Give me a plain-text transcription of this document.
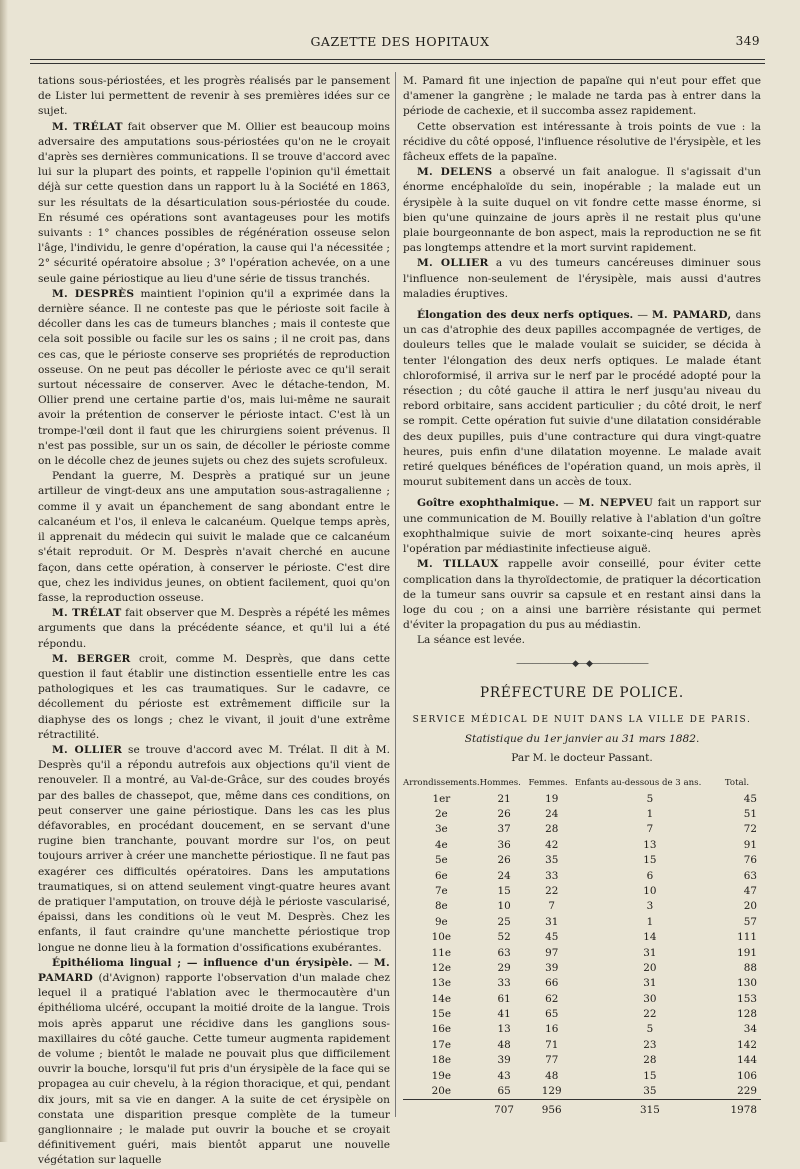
GAZETTE DES HOPITAUX	349

tations sous-périostées, et les progrès réalisés par le pansement de Lister lui permettent de revenir à ses premières idées sur ce sujet.

M. TRÉLAT fait observer que M. Ollier est beaucoup moins adversaire des amputations sous-périostées qu'on ne le croyait d'après ses dernières communications. Il se trouve d'accord avec lui sur la plupart des points, et rappelle l'opinion qu'il émettait déjà sur cette question dans un rapport lu à la Société en 1863, sur les résultats de la désarticulation sous-périostée du coude. En résumé ces opérations sont avantageuses pour les motifs suivants : 1° chances possibles de régénération osseuse selon l'âge, l'individu, le genre d'opération, la cause qui l'a nécessitée ; 2° sécurité opératoire absolue ; 3° l'opération achevée, on a une seule gaine périostique au lieu d'une série de tissus tranchés.

M. DESPRÈS maintient l'opinion qu'il a exprimée dans la dernière séance. Il ne conteste pas que le périoste soit facile à décoller dans les cas de tumeurs blanches ; mais il conteste que cela soit possible ou facile sur les os sains ; il ne croit pas, dans ces cas, que le périoste conserve ses propriétés de reproduction osseuse. On ne peut pas décoller le périoste avec ce qu'il serait surtout nécessaire de conserver. Avec le détache-tendon, M. Ollier prend une certaine partie d'os, mais lui-même ne saurait avoir la prétention de conserver le périoste intact. C'est là un trompe-l'œil dont il faut que les chirurgiens soient prévenus. Il n'est pas possible, sur un os sain, de décoller le périoste comme on le décolle chez de jeunes sujets ou chez des sujets scrofuleux.

Pendant la guerre, M. Desprès a pratiqué sur un jeune artilleur de vingt-deux ans une amputation sous-astragalienne ; comme il y avait un épanchement de sang abondant entre le calcanéum et l'os, il enleva le calcanéum. Quelque temps après, il apprenait du médecin qui suivit le malade que ce calcanéum s'était reproduit. Or M. Desprès n'avait cherché en aucune façon, dans cette opération, à conserver le périoste. C'est dire que, chez les individus jeunes, on obtient facilement, quoi qu'on fasse, la reproduction osseuse.

M. TRÉLAT fait observer que M. Desprès a répété les mêmes arguments que dans la précédente séance, et qu'il lui a été répondu.

M. BERGER croit, comme M. Desprès, que dans cette question il faut établir une distinction essentielle entre les cas pathologiques et les cas traumatiques. Sur le cadavre, ce décollement du périoste est extrêmement difficile sur la diaphyse des os longs ; chez le vivant, il jouit d'une extrême rétractilité.

M. OLLIER se trouve d'accord avec M. Trélat. Il dit à M. Desprès qu'il a répondu autrefois aux objections qu'il vient de renouveler. Il a montré, au Val-de-Grâce, sur des coudes broyés par des balles de chassepot, que, même dans ces conditions, on peut conserver une gaine périostique. Dans les cas les plus défavorables, en procédant doucement, en se servant d'une rugine bien tranchante, pouvant mordre sur l'os, on peut toujours arriver à créer une manchette périostique. Il ne faut pas exagérer ces difficultés opératoires. Dans les amputations traumatiques, si on attend seulement vingt-quatre heures avant de pratiquer l'amputation, on trouve déjà le périoste vascularisé, épaissi, dans les conditions où le veut M. Desprès. Chez les enfants, il faut craindre qu'une manchette périostique trop longue ne donne lieu à la formation d'ossifications exubérantes.

Épithélioma lingual ; — influence d'un érysipèle. — M. PAMARD (d'Avignon) rapporte l'observation d'un malade chez lequel il a pratiqué l'ablation avec le thermocautère d'un épithélioma ulcéré, occupant la moitié droite de la langue. Trois mois après apparut une récidive dans les ganglions sous-maxillaires du côté gauche. Cette tumeur augmenta rapidement de volume ; bientôt le malade ne pouvait plus que difficilement ouvrir la bouche, lorsqu'il fut pris d'un érysipèle de la face qui se propagea au cuir chevelu, à la région thoracique, et qui, pendant dix jours, mit sa vie en danger. A la suite de cet érysipèle on constata une disparition presque complète de la tumeur ganglionnaire ; le malade put ouvrir la bouche et se croyait définitivement guéri, mais bientôt apparut une nouvelle végétation sur laquelle

M. Pamard fit une injection de papaïne qui n'eut pour effet que d'amener la gangrène ; le malade ne tarda pas à entrer dans la période de cachexie, et il succomba assez rapidement.

Cette observation est intéressante à trois points de vue : la récidive du côté opposé, l'influence résolutive de l'érysipèle, et les fâcheux effets de la papaïne.

M. DELENS a observé un fait analogue. Il s'agissait d'un énorme encéphaloïde du sein, inopérable ; la malade eut un érysipèle à la suite duquel on vit fondre cette masse énorme, si bien qu'une quinzaine de jours après il ne restait plus qu'une plaie bourgeonnante de bon aspect, mais la reproduction ne se fit pas longtemps attendre et la mort survint rapidement.

M. OLLIER a vu des tumeurs cancéreuses diminuer sous l'influence non-seulement de l'érysipèle, mais aussi d'autres maladies éruptives.

Élongation des deux nerfs optiques. — M. PAMARD, dans un cas d'atrophie des deux papilles accompagnée de vertiges, de douleurs telles que le malade voulait se suicider, se décida à tenter l'élongation des deux nerfs optiques. Le malade étant chloroformisé, il arriva sur le nerf par le procédé adopté pour la résection ; du côté gauche il attira le nerf jusqu'au niveau du rebord orbitaire, sans accident particulier ; du côté droit, le nerf se rompit. Cette opération fut suivie d'une dilatation considérable des deux pupilles, puis d'une contracture qui dura vingt-quatre heures, puis enfin d'une dilatation moyenne. Le malade avait retiré quelques bénéfices de l'opération quand, un mois après, il mourut subitement dans un accès de toux.

Goître exophthalmique. — M. NEPVEU fait un rapport sur une communication de M. Bouilly relative à l'ablation d'un goître exophthalmique suivie de mort soixante-cinq heures après l'opération par médiastinite infectieuse aiguë.

M. TILLAUX rappelle avoir conseillé, pour éviter cette complication dans la thyroïdectomie, de pratiquer la décortication de la tumeur sans ouvrir sa capsule et en restant ainsi dans la loge du cou ; on a ainsi une barrière résistante qui permet d'éviter la propagation du pus au médiastin.

La séance est levée.

———————◆—◆———————
PRÉFECTURE DE POLICE.
SERVICE MÉDICAL DE NUIT DANS LA VILLE DE PARIS.
Statistique du 1er janvier au 31 mars 1882.
Par M. le docteur Passant.
Arrondissements.	Hommes.	Femmes.	Enfants au-dessous de 3 ans.	Total.
1er	21	19	5	45
2e	26	24	1	51
3e	37	28	7	72
4e	36	42	13	91
5e	26	35	15	76
6e	24	33	6	63
7e	15	22	10	47
8e	10	7	3	20
9e	25	31	1	57
10e	52	45	14	111
11e	63	97	31	191
12e	29	39	20	88
13e	33	66	31	130
14e	61	62	30	153
15e	41	65	22	128
16e	13	16	5	34
17e	48	71	23	142
18e	39	77	28	144
19e	43	48	15	106
20e	65	129	35	229
	707	956	315	1978
